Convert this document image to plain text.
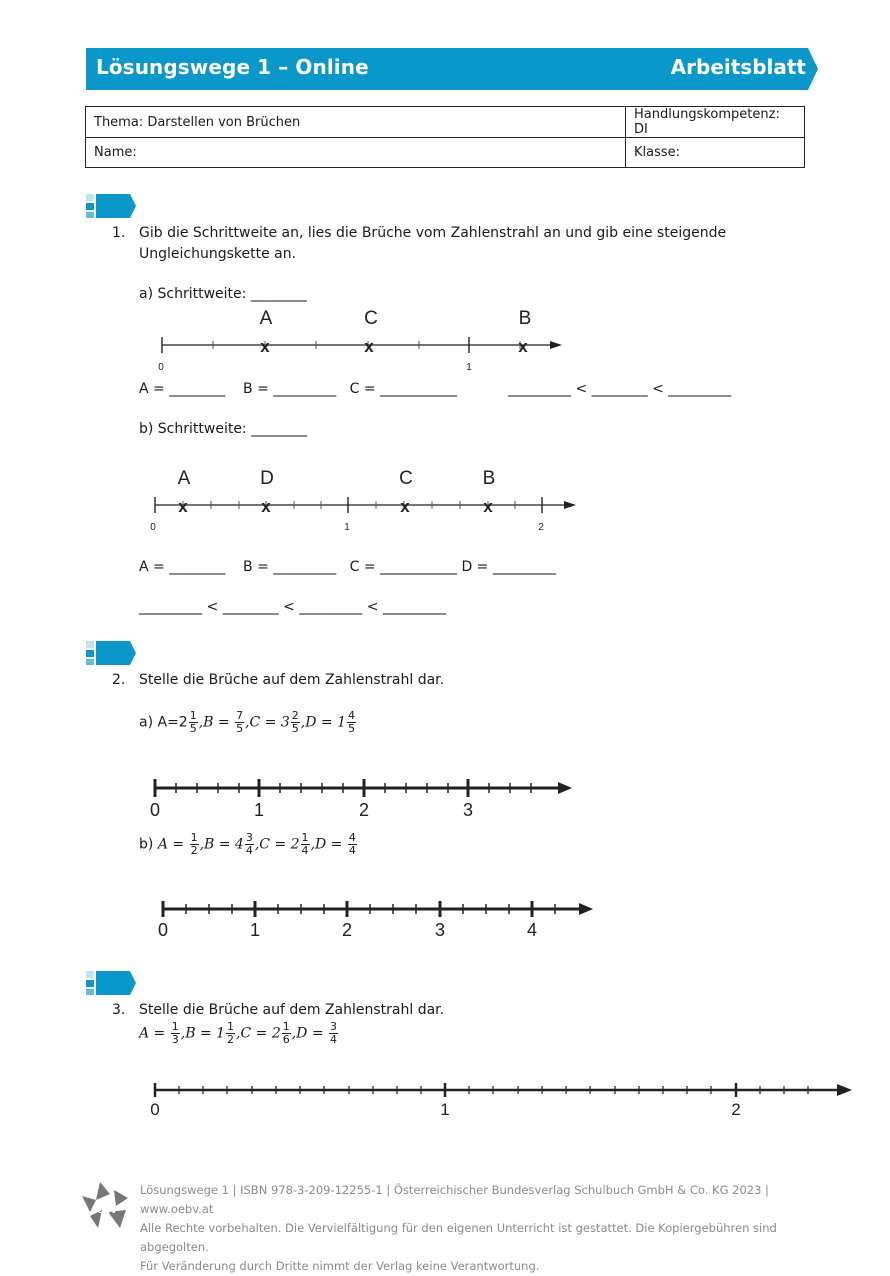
Lösungswege 1 – Online	Arbeitsblatt
Thema: Darstellen von Brüchen	Handlungskompetenz: DI
Name:	Klasse:
1. Gib die Schrittweite an, lies die Brüche vom Zahlenstrahl an und gib eine steigende
Ungleichungskette an.
a) Schrittweite: ________
x	x	x
A	C	B
0	1
A = ________    B = _________   C = ___________	_________ < ________ < _________
b) Schrittweite: ________
x	x	x	x
A	D	C	B
0	1	2
A = ________    B = _________   C = ___________ D = _________
_________ < ________ < _________ < _________
2. Stelle die Brüche auf dem Zahlenstrahl dar.
a) $A=2 \frac{1}{5} ,B = \frac{7}{5} ,C = 3 \frac{2}{5} ,D = 1 \frac{4}{5}$
0	1	2	3
b) $A = \frac{1}{2} ,B = 4 \frac{3}{4} ,C = 2 \frac{1}{4} ,D = \frac{4}{4}$
0	1	2	3	4
3. Stelle die Brüche auf dem Zahlenstrahl dar.
$A = \frac{1}{3} ,B = 1 \frac{1}{2} ,C = 2 \frac{1}{6} ,D = \frac{3}{4}$
0	1	2
öbv
Lösungswege 1 | ISBN 978-3-209-12255-1 | Österreichischer Bundesverlag Schulbuch GmbH & Co. KG 2023 | www.oebv.at
Alle Rechte vorbehalten. Die Vervielfältigung für den eigenen Unterricht ist gestattet. Die Kopiergebühren sind abgegolten.
Für Veränderung durch Dritte nimmt der Verlag keine Verantwortung.
